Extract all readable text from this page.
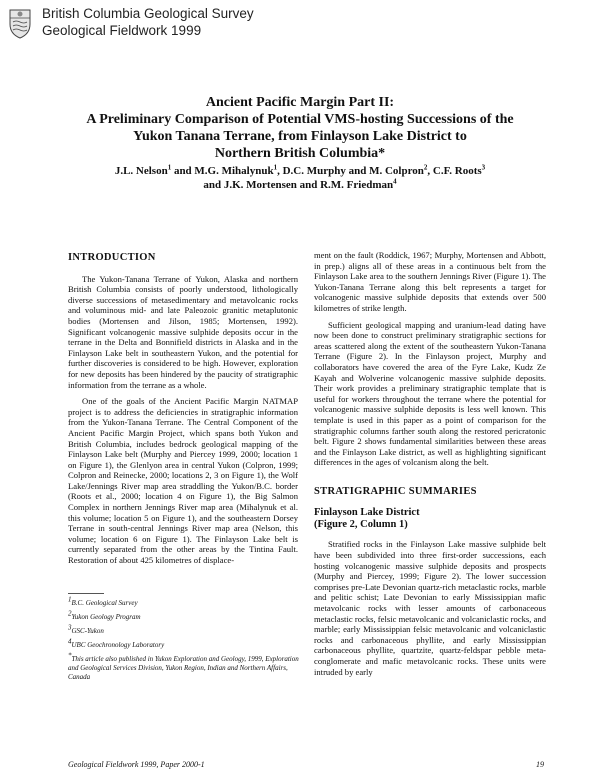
British Columbia Geological Survey
Geological Fieldwork 1999
Ancient Pacific Margin Part II:
A Preliminary Comparison of Potential VMS-hosting Successions of the
Yukon Tanana Terrane, from Finlayson Lake District to
Northern British Columbia*
J.L. Nelson$^1$ and M.G. Mihalynuk$^1$, D.C. Murphy and M. Colpron$^2$, C.F. Roots$^3$
and J.K. Mortensen and R.M. Friedman$^4$
INTRODUCTION

The Yukon-Tanana Terrane of Yukon, Alaska and northern British Columbia consists of poorly understood, lithologically diverse successions of metasedimentary and metavolcanic rocks and voluminous mid- and late Paleozoic granitic metaplutonic bodies (Mortensen and Jilson, 1985; Mortensen, 1992). Significant volcanogenic massive sulphide deposits occur in the terrane in the Delta and Bonnifield districts in Alaska and in the Finlayson Lake belt in southeastern Yukon, and the potential for further discoveries is considered to be high. However, exploration for new deposits has been hindered by the paucity of stratigraphic information from the terrane as a whole.

One of the goals of the Ancient Pacific Margin NATMAP project is to address the deficiencies in stratigraphic information from the Yukon-Tanana Terrane. The Central Component of the Ancient Pacific Margin Project, which spans both Yukon and British Columbia, includes bedrock geological mapping of the Finlayson Lake belt (Murphy and Piercey 1999, 2000; location 1 on Figure 1), the Glenlyon area in central Yukon (Colpron, 1999; Colpron and Reinecke, 2000; locations 2, 3 on Figure 1), the Wolf Lake/Jennings River map area straddling the Yukon/B.C. border (Roots et al., 2000; location 4 on Figure 1), the Big Salmon Complex in northern Jennings River map area (Mihalynuk et al. this volume; location 5 on Figure 1), and the southeastern Dorsey Terrane in south-central Jennings River map area (Nelson, this volume; location 6 on Figure 1). The Finlayson Lake belt is currently separated from the other areas by the Tintina Fault. Restoration of about 425 kilometres of displace-

ment on the fault (Roddick, 1967; Murphy, Mortensen and Abbott, in prep.) aligns all of these areas in a continuous belt from the Finlayson Lake area to the southern Jennings River (Figure 1). The Yukon-Tanana Terrane along this belt represents a target for volcanogenic massive sulphide deposits that extends over 500 kilometres of strike length.

Sufficient geological mapping and uranium-lead dating have now been done to construct preliminary stratigraphic sections for areas scattered along the extent of the southeastern Yukon-Tanana Terrane (Figure 2). In the Finlayson project, Murphy and collaborators have covered the area of the Fyre Lake, Kudz Ze Kayah and Wolverine volcanogenic massive sulphide deposits. Their work provides a preliminary stratigraphic template that is useful for workers throughout the terrane where the potential for volcanogenic massive sulphide deposits is less well known. This template is used in this paper as a point of comparison for the stratigraphic columns farther south along the restored pericratonic belt. Figure 2 shows fundamental similarities between these areas and the Finlayson Lake district, as well as highlighting significant differences in the ages of volcanism along the belt.

STRATIGRAPHIC SUMMARIES
Finlayson Lake District
(Figure 2, Column 1)

Stratified rocks in the Finlayson Lake massive sulphide belt have been subdivided into three first-order successions, each hosting volcanogenic massive sulphide deposits and prospects (Murphy and Piercey, 1999; Figure 2). The lower succession comprises pre-Late Devonian quartz-rich metaclastic rocks, marble and pelitic schist; Late Devonian to early Mississippian mafic metavolcanic rocks with lesser amounts of carbonaceous metaclastic rocks, felsic metavolcanic and volcaniclastic rocks, and marble; early Mississippian felsic metavolcanic and volcaniclastic rocks and carbonaceous phyllite, and early Mississippian carbonaceous phyllite, quartzite, quartz-feldspar pebble meta-conglomerate and mafic metavolcanic rocks. These units were intruded by early

$^1$B.C. Geological Survey
$^2$Yukon Geology Program
$^3$GSC-Yukon
$^4$UBC Geochronology Laboratory
*This article also published in Yukon Exploration and Geology, 1999, Exploration and Geological Services Division, Yukon Region, Indian and Northern Affairs, Canada
Geological Fieldwork 1999, Paper 2000-1	19
